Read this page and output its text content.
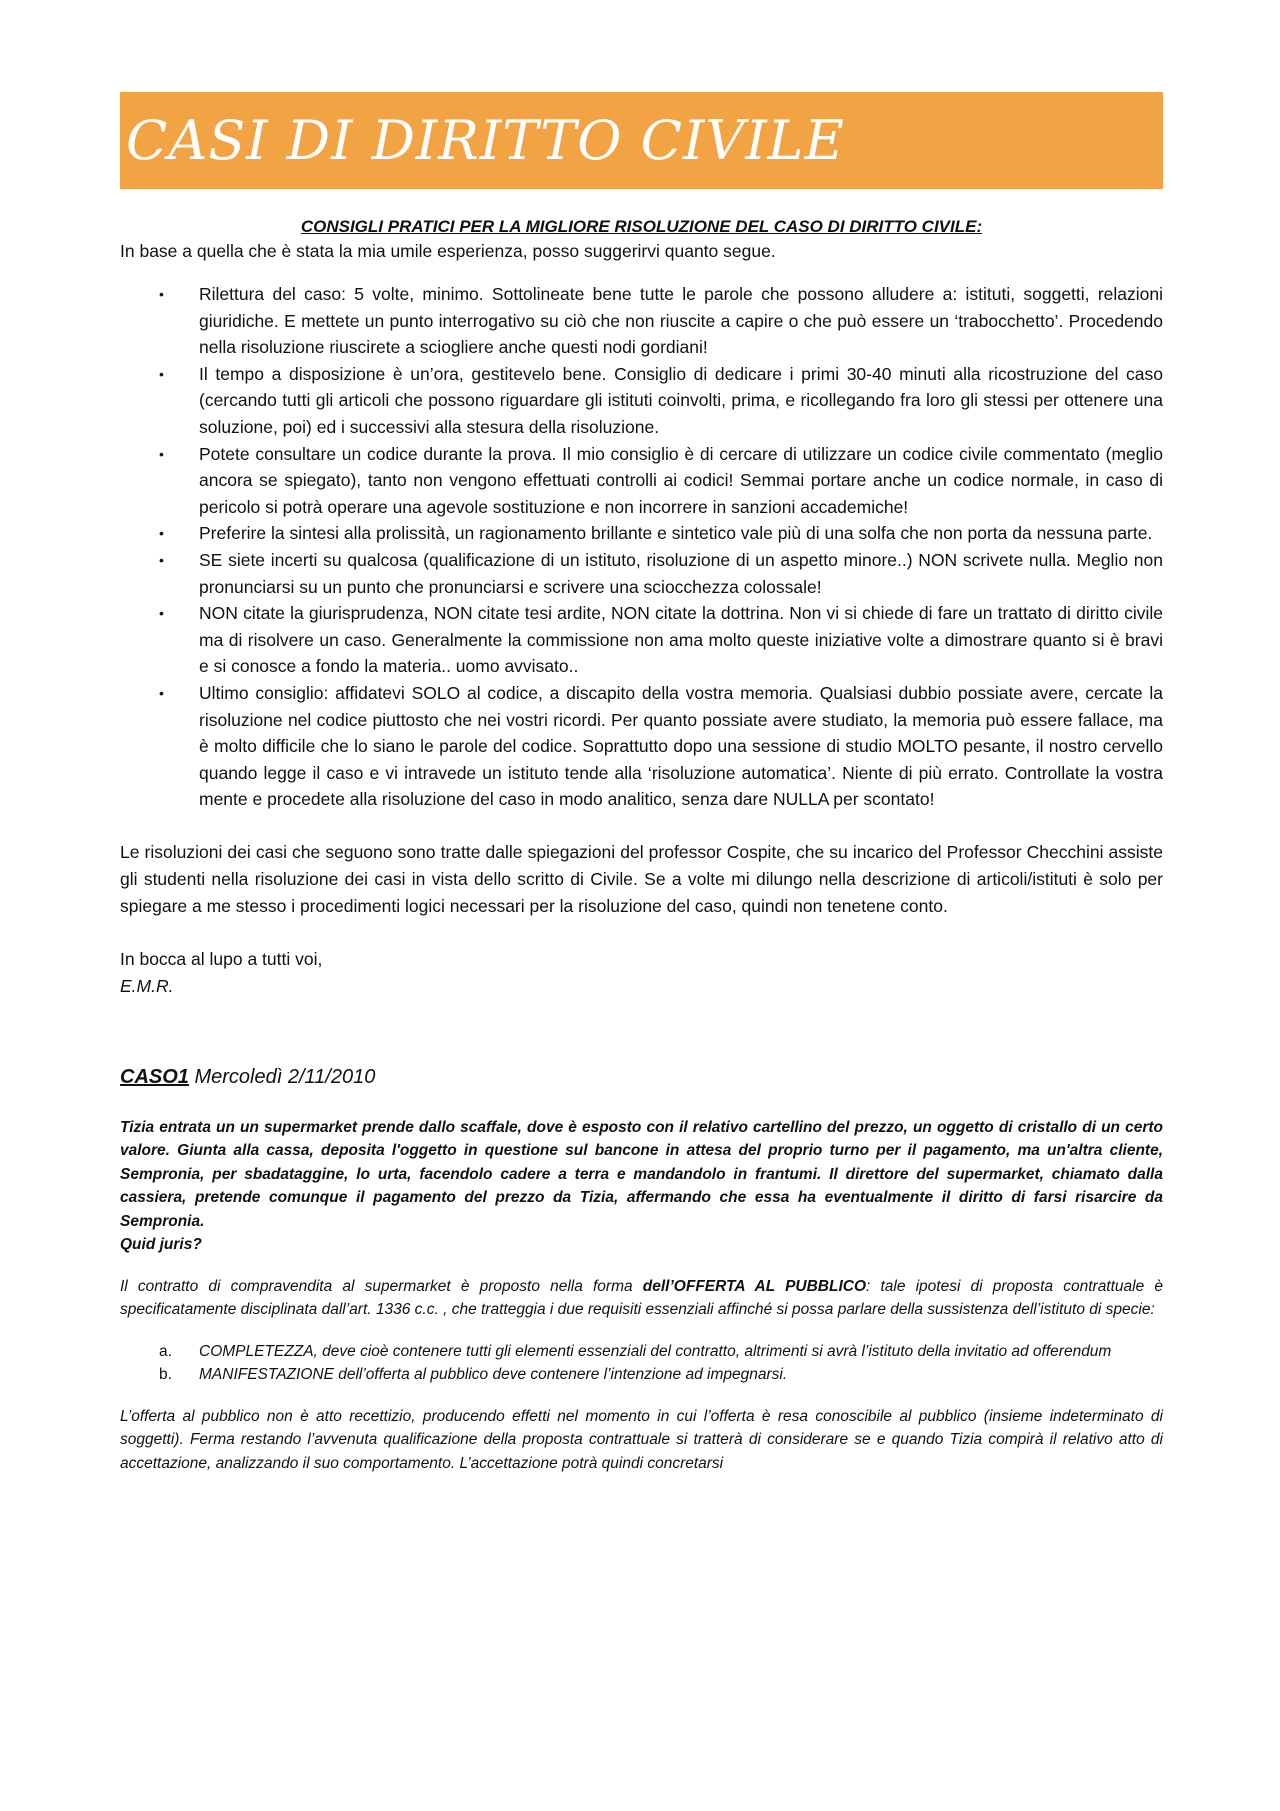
CASI DI DIRITTO CIVILE
CONSIGLI PRATICI PER LA MIGLIORE RISOLUZIONE DEL CASO DI DIRITTO CIVILE:

In base a quella che è stata la mia umile esperienza, posso suggerirvi quanto segue.

• Rilettura del caso: 5 volte, minimo. Sottolineate bene tutte le parole che possono alludere a: istituti, soggetti, relazioni giuridiche. E mettete un punto interrogativo su ciò che non riuscite a capire o che può essere un ‘trabocchetto’. Procedendo nella risoluzione riuscirete a sciogliere anche questi nodi gordiani!
• Il tempo a disposizione è un’ora, gestitevelo bene. Consiglio di dedicare i primi 30-40 minuti alla ricostruzione del caso (cercando tutti gli articoli che possono riguardare gli istituti coinvolti, prima, e ricollegando fra loro gli stessi per ottenere una soluzione, poi) ed i successivi alla stesura della risoluzione.
• Potete consultare un codice durante la prova. Il mio consiglio è di cercare di utilizzare un codice civile commentato (meglio ancora se spiegato), tanto non vengono effettuati controlli ai codici! Semmai portare anche un codice normale, in caso di pericolo si potrà operare una agevole sostituzione e non incorrere in sanzioni accademiche!
• Preferire la sintesi alla prolissità, un ragionamento brillante e sintetico vale più di una solfa che non porta da nessuna parte.
• SE siete incerti su qualcosa (qualificazione di un istituto, risoluzione di un aspetto minore..) NON scrivete nulla. Meglio non pronunciarsi su un punto che pronunciarsi e scrivere una sciocchezza colossale!
• NON citate la giurisprudenza, NON citate tesi ardite, NON citate la dottrina. Non vi si chiede di fare un trattato di diritto civile ma di risolvere un caso. Generalmente la commissione non ama molto queste iniziative volte a dimostrare quanto si è bravi e si conosce a fondo la materia.. uomo avvisato..
• Ultimo consiglio: affidatevi SOLO al codice, a discapito della vostra memoria. Qualsiasi dubbio possiate avere, cercate la risoluzione nel codice piuttosto che nei vostri ricordi. Per quanto possiate avere studiato, la memoria può essere fallace, ma è molto difficile che lo siano le parole del codice. Soprattutto dopo una sessione di studio MOLTO pesante, il nostro cervello quando legge il caso e vi intravede un istituto tende alla ‘risoluzione automatica’. Niente di più errato. Controllate la vostra mente e procedete alla risoluzione del caso in modo analitico, senza dare NULLA per scontato!

Le risoluzioni dei casi che seguono sono tratte dalle spiegazioni del professor Cospite, che su incarico del Professor Checchini assiste gli studenti nella risoluzione dei casi in vista dello scritto di Civile. Se a volte mi dilungo nella descrizione di articoli/istituti è solo per spiegare a me stesso i procedimenti logici necessari per la risoluzione del caso, quindi non tenetene conto.

In bocca al lupo a tutti voi,

E.M.R.

CASO1 Mercoledì 2/11/2010
Tizia entrata un un supermarket prende dallo scaffale, dove è esposto con il relativo cartellino del prezzo, un oggetto di cristallo di un certo valore. Giunta alla cassa, deposita l'oggetto in questione sul bancone in attesa del proprio turno per il pagamento, ma un'altra cliente, Sempronia, per sbadataggine, lo urta, facendolo cadere a terra e mandandolo in frantumi. Il direttore del supermarket, chiamato dalla cassiera, pretende comunque il pagamento del prezzo da Tizia, affermando che essa ha eventualmente il diritto di farsi risarcire da Sempronia.
Quid juris?

Il contratto di compravendita al supermarket è proposto nella forma dell’OFFERTA AL PUBBLICO: tale ipotesi di proposta contrattuale è specificatamente disciplinata dall’art. 1336 c.c. , che tratteggia i due requisiti essenziali affinché si possa parlare della sussistenza dell’istituto di specie:

a. COMPLETEZZA, deve cioè contenere tutti gli elementi essenziali del contratto, altrimenti si avrà l’istituto della invitatio ad offerendum
b. MANIFESTAZIONE dell’offerta al pubblico deve contenere l’intenzione ad impegnarsi.

L’offerta al pubblico non è atto recettizio, producendo effetti nel momento in cui l’offerta è resa conoscibile al pubblico (insieme indeterminato di soggetti). Ferma restando l’avvenuta qualificazione della proposta contrattuale si tratterà di considerare se e quando Tizia compirà il relativo atto di accettazione, analizzando il suo comportamento. L’accettazione potrà quindi concretarsi
